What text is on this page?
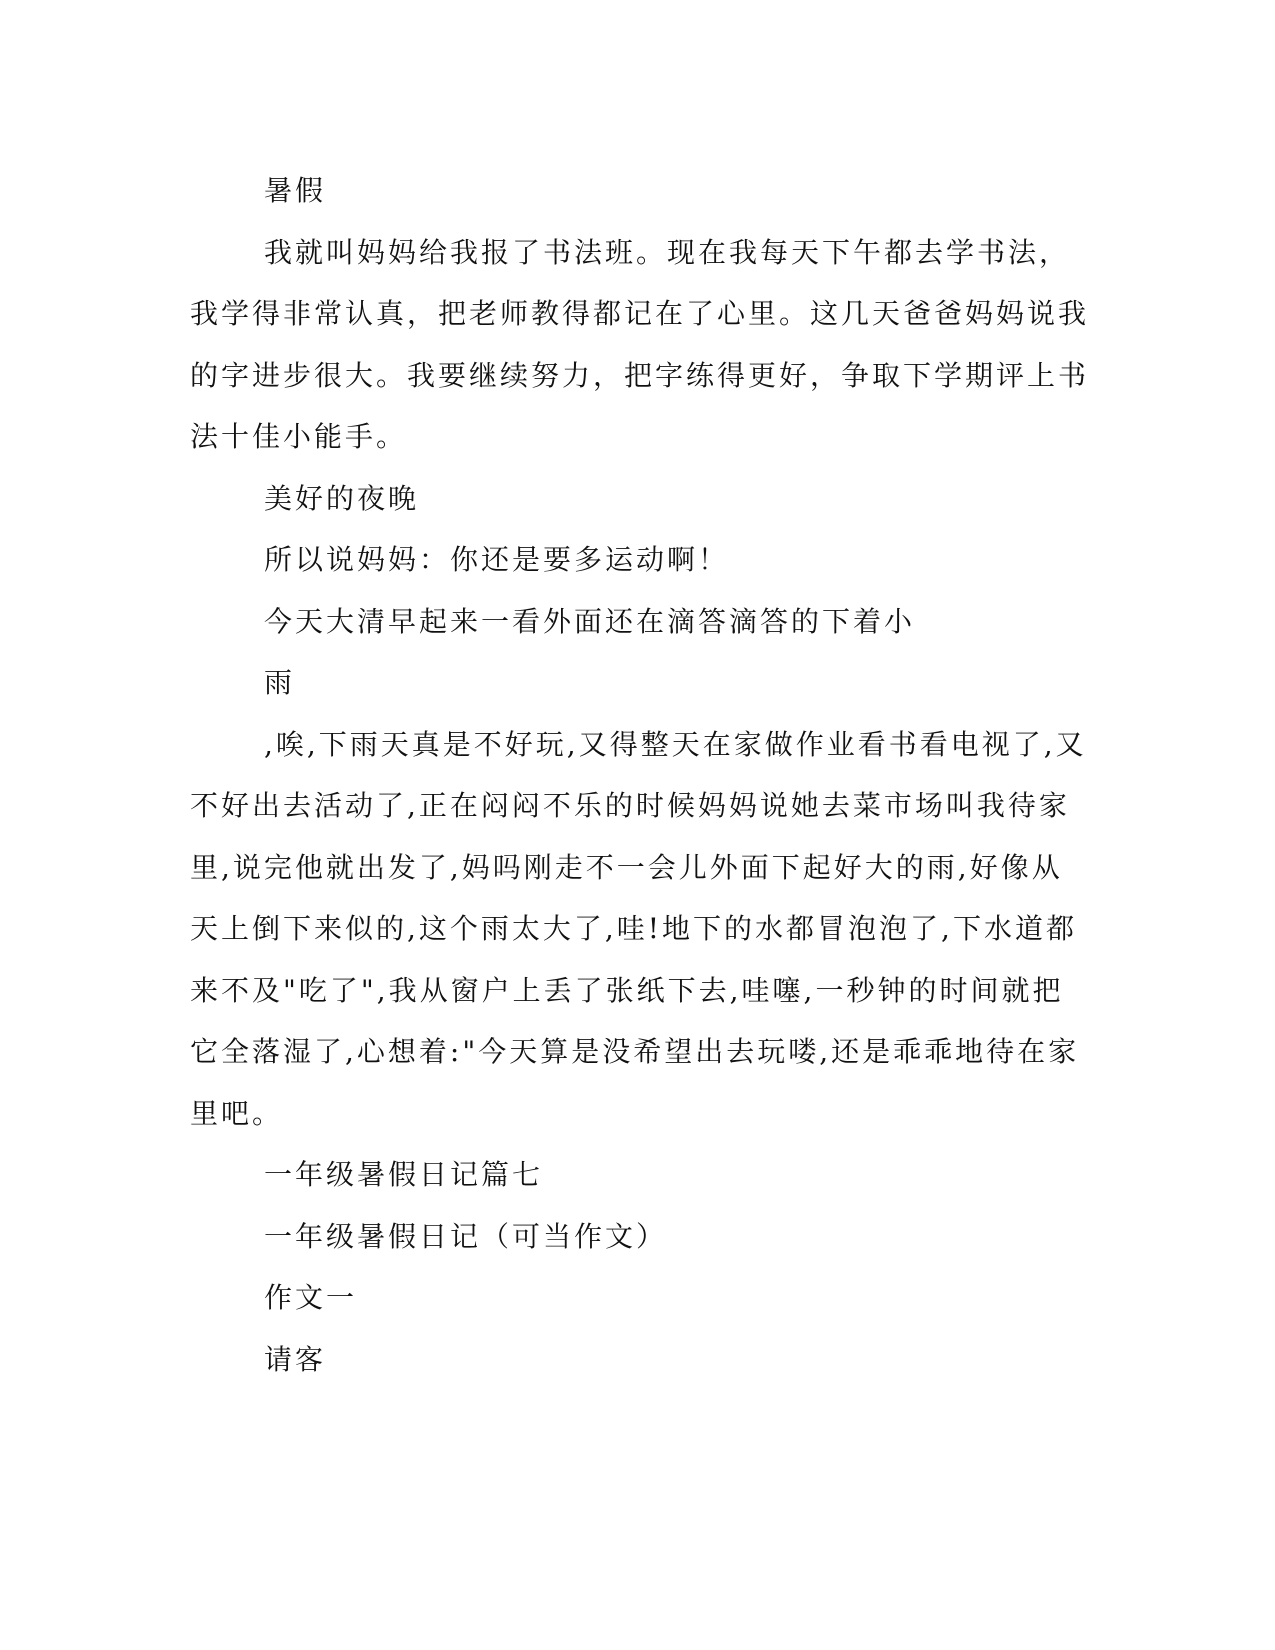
暑假

我就叫妈妈给我报了书法班。现在我每天下午都去学书法，我学得非常认真，把老师教得都记在了心里。这几天爸爸妈妈说我的字进步很大。我要继续努力，把字练得更好，争取下学期评上书法十佳小能手。

美好的夜晚

所以说妈妈：你还是要多运动啊！

今天大清早起来一看外面还在滴答滴答的下着小

雨

,唉,下雨天真是不好玩,又得整天在家做作业看书看电视了,又不好出去活动了,正在闷闷不乐的时候妈妈说她去菜市场叫我待家里,说完他就出发了,妈吗刚走不一会儿外面下起好大的雨,好像从天上倒下来似的,这个雨太大了,哇!地下的水都冒泡泡了,下水道都来不及"吃了",我从窗户上丢了张纸下去,哇噻,一秒钟的时间就把它全落湿了,心想着:"今天算是没希望出去玩喽,还是乖乖地待在家里吧。

一年级暑假日记篇七

一年级暑假日记（可当作文）

作文一

请客
